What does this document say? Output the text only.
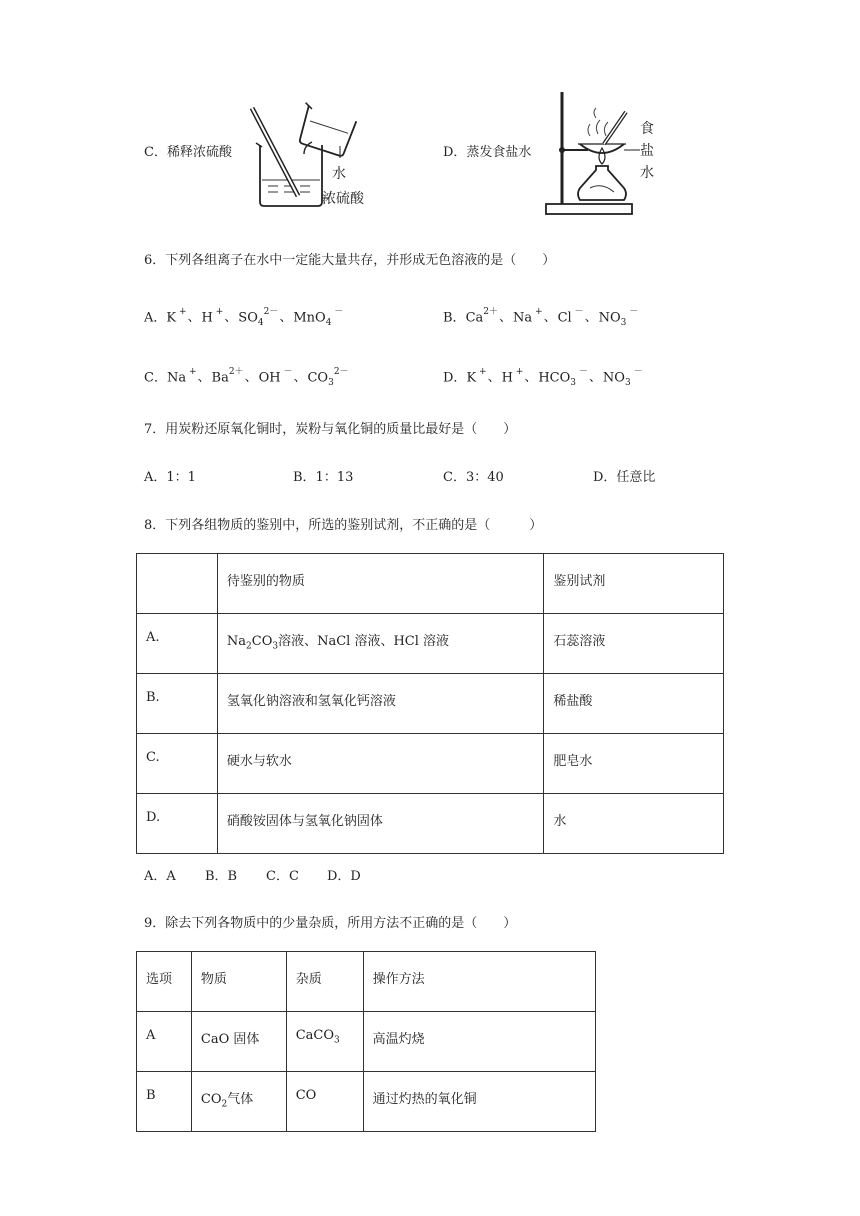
C．稀释浓硫酸
水
浓硫酸
D．蒸发食盐水
食
盐
水
6．下列各组离子在水中一定能大量共存，并形成无色溶液的是（　　）
A．K +、H +、$SO_4^{2-}$、MnO$_4$ －	B．$Ca^{2+}$、Na +、Cl －、$NO_3$ －
C．Na +、$Ba^{2+}$、OH －、$CO_3^{2-}$	D．K +、H +、$HCO_3$ －、$NO_3$ －
7．用炭粉还原氧化铜时，炭粉与氧化铜的质量比最好是（　　）
A．1：1	B．1：13	C．3：40	D．任意比
8．下列各组物质的鉴别中，所选的鉴别试剂，不正确的是（　　　）
	待鉴别的物质	鉴别试剂
A.	$Na_2CO_3$溶液、NaCl 溶液、HCl 溶液	石蕊溶液
B.	氢氧化钠溶液和氢氧化钙溶液	稀盐酸
C.	硬水与软水	肥皂水
D.	硝酸铵固体与氢氧化钠固体	水
A．A B．B C．C D．D
9．除去下列各物质中的少量杂质，所用方法不正确的是（　　）
选项	物质	杂质	操作方法
A	CaO 固体	CaCO$_3$	高温灼烧
B	$CO_2$气体	CO	通过灼热的氧化铜
